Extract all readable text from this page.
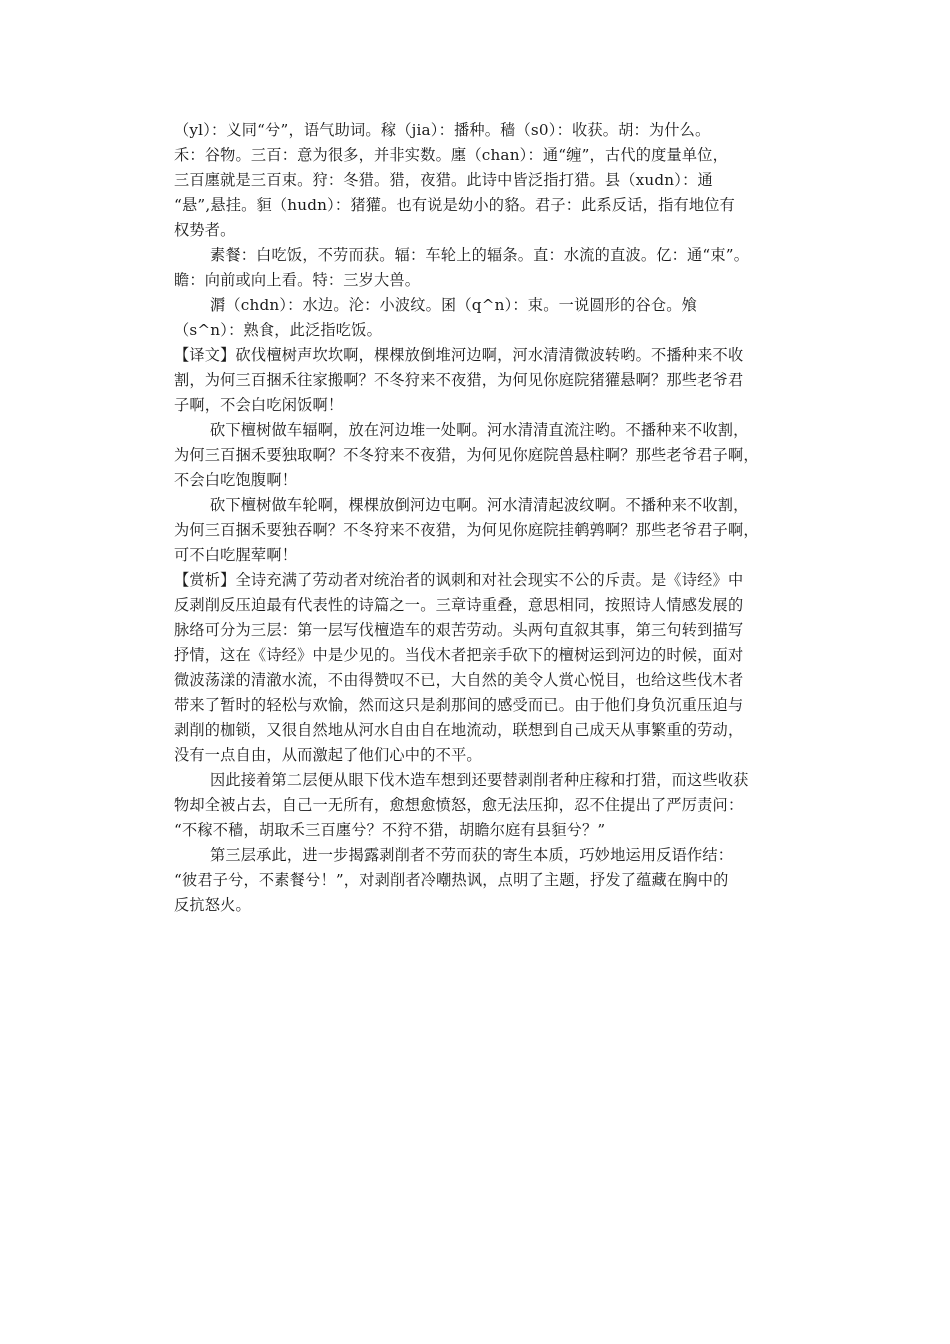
（yl）：义同“兮”，语气助词。稼（jia）：播种。穑（s0）：收获。胡：为什么。
禾：谷物。三百：意为很多，并非实数。廛（chan）：通“缠”，古代的度量单位，
三百廛就是三百束。狩：冬猎。猎，夜猎。此诗中皆泛指打猎。县（xudn）：通
“悬”,悬挂。貆（hudn）：猪獾。也有说是幼小的貉。君子：此系反话，指有地位有
权势者。
素餐：白吃饭，不劳而获。辐：车轮上的辐条。直：水流的直波。亿：通“束”。
瞻：向前或向上看。特：三岁大兽。
漘（chdn）：水边。沦：小波纹。囷（q^n）：束。一说圆形的谷仓。飧
（s^n）：熟食，此泛指吃饭。
【译文】砍伐檀树声坎坎啊，棵棵放倒堆河边啊，河水清清微波转哟。不播种来不收
割，为何三百捆禾往家搬啊？不冬狩来不夜猎，为何见你庭院猪獾悬啊？那些老爷君
子啊，不会白吃闲饭啊！
砍下檀树做车辐啊，放在河边堆一处啊。河水清清直流注哟。不播种来不收割，
为何三百捆禾要独取啊？不冬狩来不夜猎，为何见你庭院兽悬柱啊？那些老爷君子啊，
不会白吃饱腹啊！
砍下檀树做车轮啊，棵棵放倒河边屯啊。河水清清起波纹啊。不播种来不收割，
为何三百捆禾要独吞啊？不冬狩来不夜猎，为何见你庭院挂鹌鹑啊？那些老爷君子啊，
可不白吃腥荤啊！
【赏析】全诗充满了劳动者对统治者的讽刺和对社会现实不公的斥责。是《诗经》中
反剥削反压迫最有代表性的诗篇之一。三章诗重叠，意思相同，按照诗人情感发展的
脉络可分为三层：第一层写伐檀造车的艰苦劳动。头两句直叙其事，第三句转到描写
抒情，这在《诗经》中是少见的。当伐木者把亲手砍下的檀树运到河边的时候，面对
微波荡漾的清澈水流，不由得赞叹不已，大自然的美令人赏心悦目，也给这些伐木者
带来了暂时的轻松与欢愉，然而这只是刹那间的感受而已。由于他们身负沉重压迫与
剥削的枷锁，又很自然地从河水自由自在地流动，联想到自己成天从事繁重的劳动，
没有一点自由，从而激起了他们心中的不平。
因此接着第二层便从眼下伐木造车想到还要替剥削者种庄稼和打猎，而这些收获
物却全被占去，自己一无所有，愈想愈愤怒，愈无法压抑，忍不住提出了严厉责问：
“不稼不穑，胡取禾三百廛兮？不狩不猎，胡瞻尔庭有县貆兮？”
第三层承此，进一步揭露剥削者不劳而获的寄生本质，巧妙地运用反语作结：
“彼君子兮，不素餐兮！”，对剥削者冷嘲热讽，点明了主题，抒发了蕴藏在胸中的
反抗怒火。
